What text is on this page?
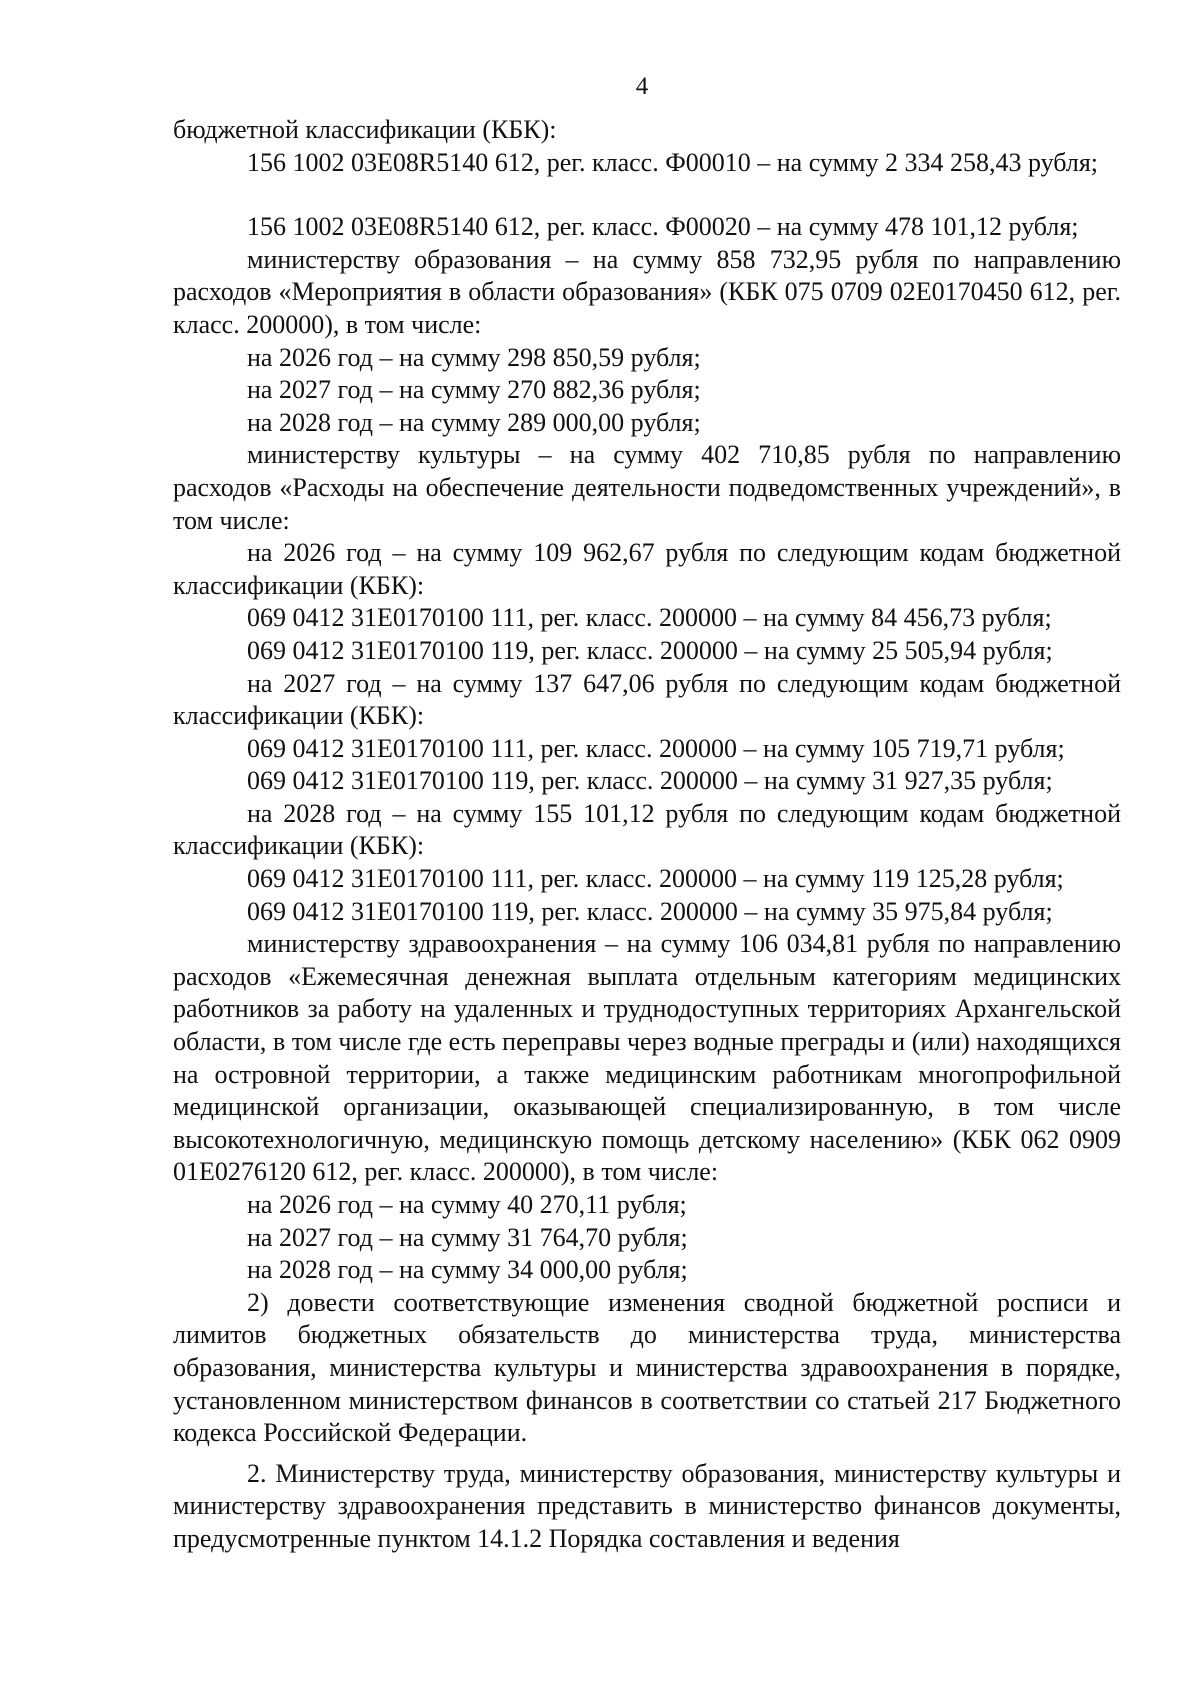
4

бюджетной классификации (КБК):

156 1002 03Е08R5140 612, рег. класс. Ф00010 – на сумму 2 334 258,43 рубля;

156 1002 03Е08R5140 612, рег. класс. Ф00020 – на сумму 478 101,12 рубля;

министерству образования – на сумму 858 732,95 рубля по направлению расходов «Мероприятия в области образования» (КБК 075 0709 02Е0170450 612, рег. класс. 200000), в том числе:

на 2026 год – на сумму 298 850,59 рубля;

на 2027 год – на сумму 270 882,36 рубля;

на 2028 год – на сумму 289 000,00 рубля;

министерству культуры – на сумму 402 710,85 рубля по направлению расходов «Расходы на обеспечение деятельности подведомственных учреждений», в том числе:

на 2026 год – на сумму 109 962,67 рубля по следующим кодам бюджетной классификации (КБК):

069 0412 31Е0170100 111, рег. класс. 200000 – на сумму 84 456,73 рубля;

069 0412 31Е0170100 119, рег. класс. 200000 – на сумму 25 505,94 рубля;

на 2027 год – на сумму 137 647,06 рубля по следующим кодам бюджетной классификации (КБК):

069 0412 31Е0170100 111, рег. класс. 200000 – на сумму 105 719,71 рубля;

069 0412 31Е0170100 119, рег. класс. 200000 – на сумму 31 927,35 рубля;

на 2028 год – на сумму 155 101,12 рубля по следующим кодам бюджетной классификации (КБК):

069 0412 31Е0170100 111, рег. класс. 200000 – на сумму 119 125,28 рубля;

069 0412 31Е0170100 119, рег. класс. 200000 – на сумму 35 975,84 рубля;

министерству здравоохранения – на сумму 106 034,81 рубля по направлению расходов «Ежемесячная денежная выплата отдельным категориям медицинских работников за работу на удаленных и труднодоступных территориях Архангельской области, в том числе где есть переправы через водные преграды и (или) находящихся на островной территории, а также медицинским работникам многопрофильной медицинской организации, оказывающей специализированную, в том числе высокотехнологичную, медицинскую помощь детскому населению» (КБК 062 0909 01Е0276120 612, рег. класс. 200000), в том числе:

на 2026 год – на сумму 40 270,11 рубля;

на 2027 год – на сумму 31 764,70 рубля;

на 2028 год – на сумму 34 000,00 рубля;

2) довести соответствующие изменения сводной бюджетной росписи и лимитов бюджетных обязательств до министерства труда, министерства образования, министерства культуры и министерства здравоохранения в порядке, установленном министерством финансов в соответствии со статьей 217 Бюджетного кодекса Российской Федерации.

2. Министерству труда, министерству образования, министерству культуры и министерству здравоохранения представить в министерство финансов документы, предусмотренные пунктом 14.1.2 Порядка составления и ведения
